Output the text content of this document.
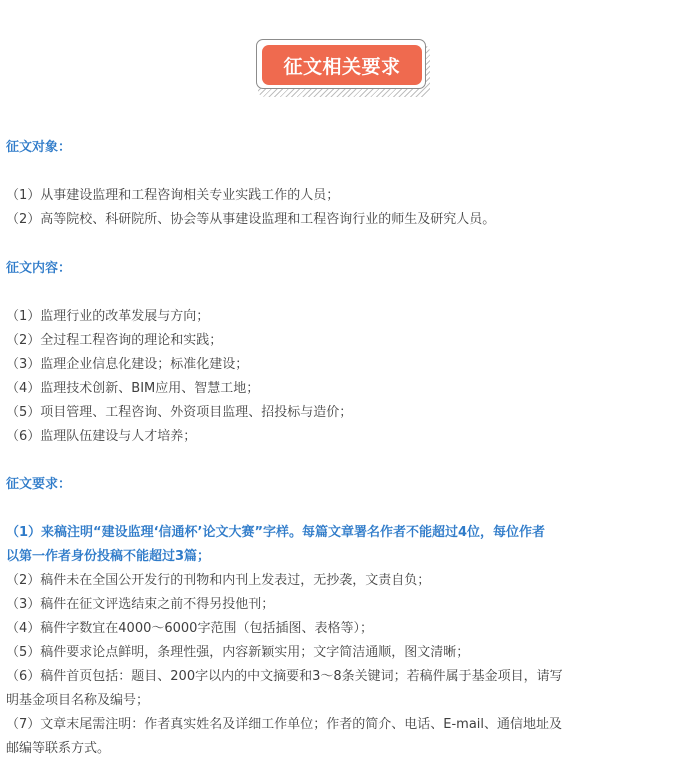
征文相关要求
征文对象：
（1）从事建设监理和工程咨询相关专业实践工作的人员；
（2）高等院校、科研院所、协会等从事建设监理和工程咨询行业的师生及研究人员。
征文内容：
（1）监理行业的改革发展与方向；
（2）全过程工程咨询的理论和实践；
（3）监理企业信息化建设；标准化建设；
（4）监理技术创新、BIM应用、智慧工地；
（5）项目管理、工程咨询、外资项目监理、招投标与造价；
（6）监理队伍建设与人才培养；
征文要求：
（1）来稿注明“建设监理‘信通杯’论文大赛”字样。每篇文章署名作者不能超过4位，每位作者
以第一作者身份投稿不能超过3篇；
（2）稿件未在全国公开发行的刊物和内刊上发表过，无抄袭，文责自负；
（3）稿件在征文评选结束之前不得另投他刊；
（4）稿件字数宜在4000～6000字范围（包括插图、表格等）；
（5）稿件要求论点鲜明，条理性强，内容新颖实用；文字简洁通顺，图文清晰；
（6）稿件首页包括：题目、200字以内的中文摘要和3～8条关键词；若稿件属于基金项目，请写
明基金项目名称及编号；
（7）文章末尾需注明：作者真实姓名及详细工作单位；作者的简介、电话、E-mail、通信地址及
邮编等联系方式。
